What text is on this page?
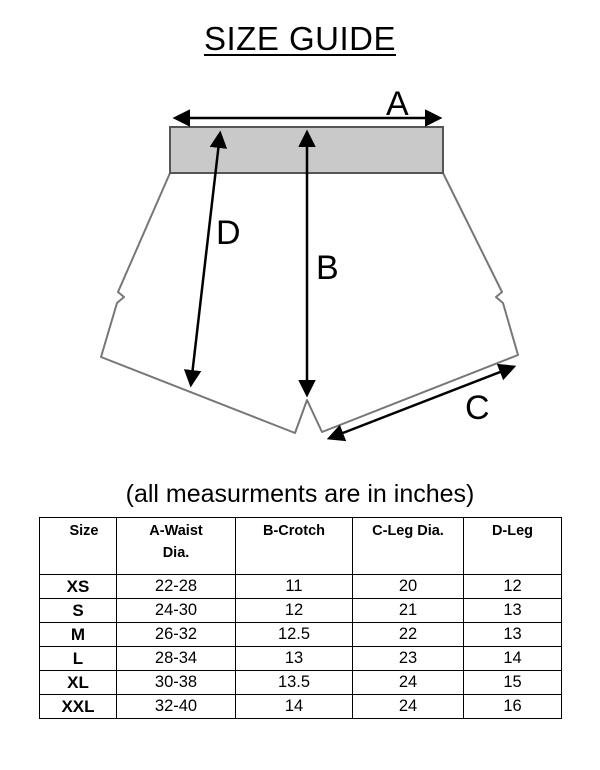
SIZE GUIDE
A
D
B
C
(all measurments are in inches)
Size	A-Waist Dia.	B-Crotch	C-Leg Dia.	D-Leg

XS	22-28	11	20	12
S	24-30	12	21	13
M	26-32	12.5	22	13
L	28-34	13	23	14
XL	30-38	13.5	24	15
XXL	32-40	14	24	16
